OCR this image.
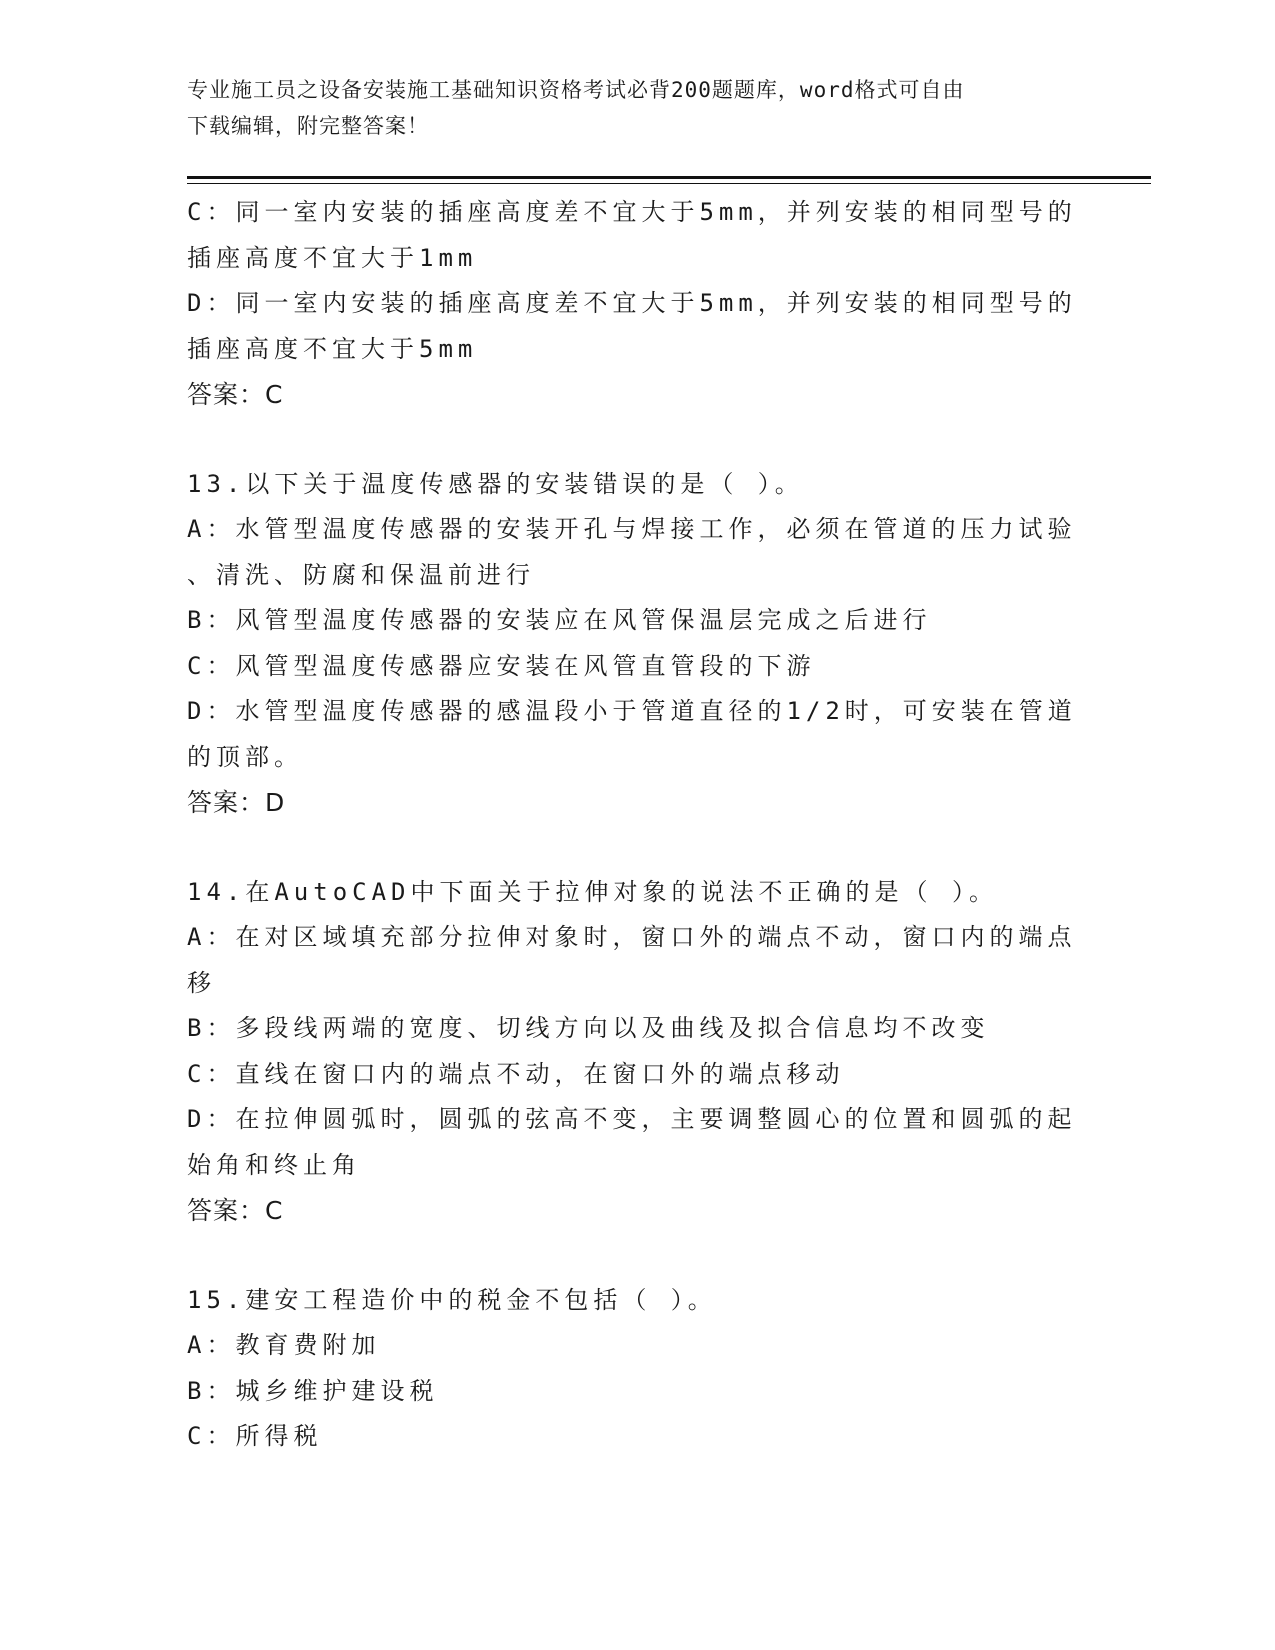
专业施工员之设备安装施工基础知识资格考试必背200题题库，word格式可自由
下载编辑，附完整答案！
C：同一室内安装的插座高度差不宜大于5mm，并列安装的相同型号的
插座高度不宜大于1mm
D：同一室内安装的插座高度差不宜大于5mm，并列安装的相同型号的
插座高度不宜大于5mm
答案：C
13.以下关于温度传感器的安装错误的是（ ）。
A：水管型温度传感器的安装开孔与焊接工作，必须在管道的压力试验
、清洗、防腐和保温前进行
B：风管型温度传感器的安装应在风管保温层完成之后进行
C：风管型温度传感器应安装在风管直管段的下游
D：水管型温度传感器的感温段小于管道直径的1/2时，可安装在管道
的顶部。
答案：D
14.在AutoCAD中下面关于拉伸对象的说法不正确的是（ ）。
A：在对区域填充部分拉伸对象时，窗口外的端点不动，窗口内的端点
移
B：多段线两端的宽度、切线方向以及曲线及拟合信息均不改变
C：直线在窗口内的端点不动，在窗口外的端点移动
D：在拉伸圆弧时，圆弧的弦高不变，主要调整圆心的位置和圆弧的起
始角和终止角
答案：C
15.建安工程造价中的税金不包括（ ）。
A：教育费附加
B：城乡维护建设税
C：所得税
